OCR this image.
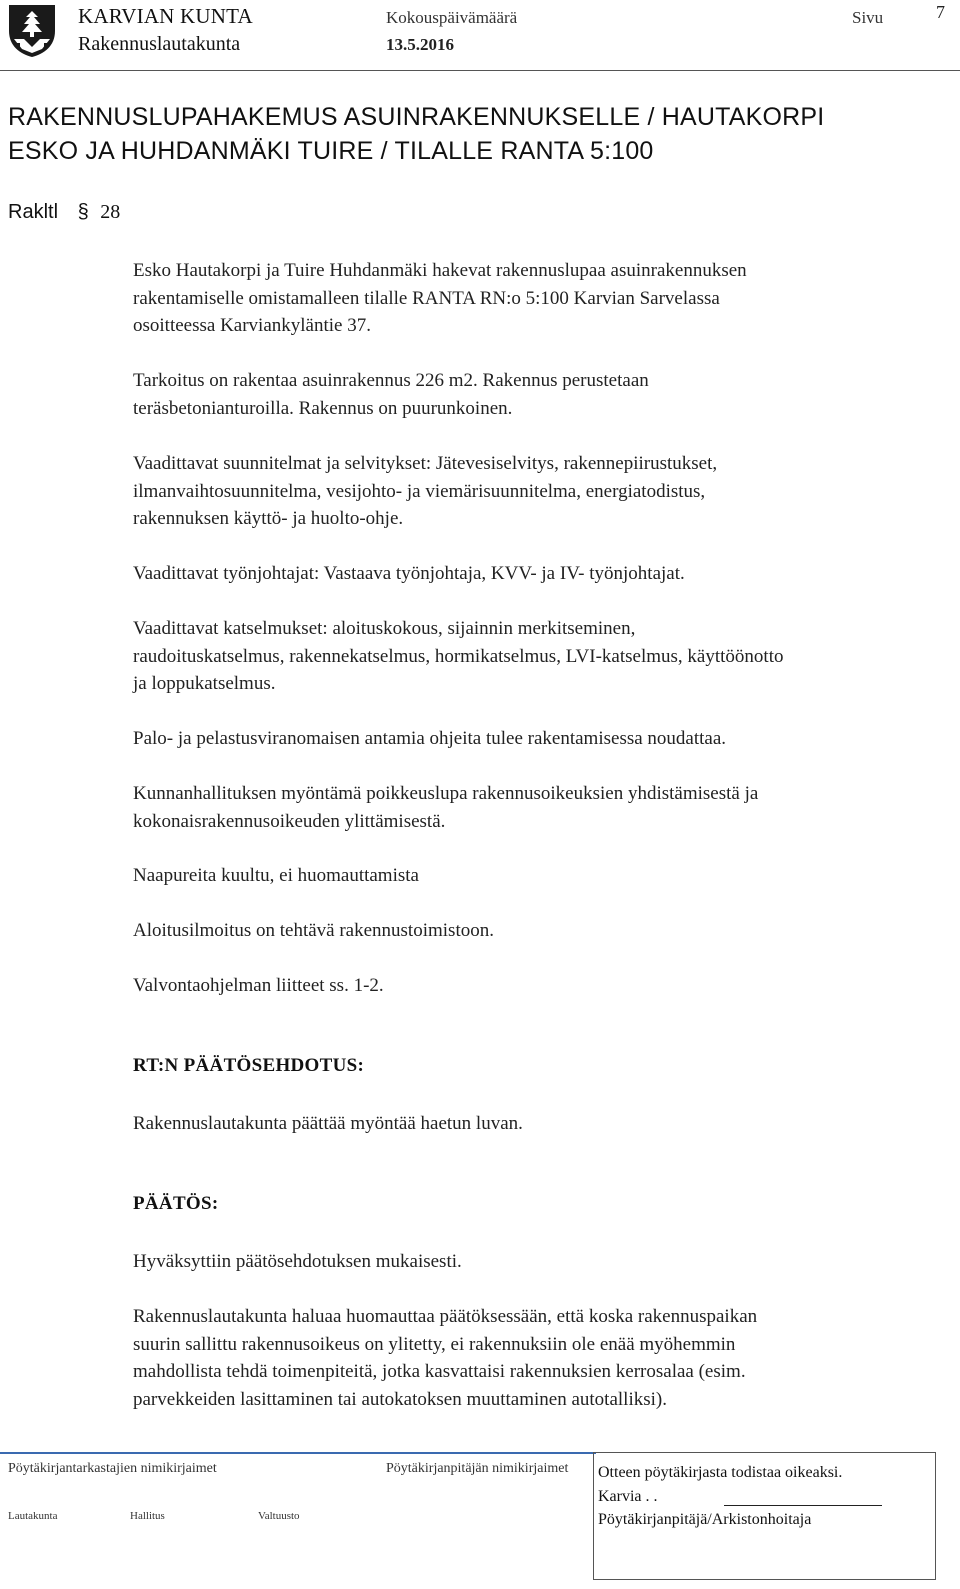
KARVIAN KUNTA
Rakennuslautakunta
Kokouspäivämäärä
13.5.2016
Sivu	7
RAKENNUSLUPAHAKEMUS ASUINRAKENNUKSELLE / HAUTAKORPI
ESKO JA HUHDANMÄKI TUIRE / TILALLE RANTA 5:100
Rakltl § 28
Esko Hautakorpi ja Tuire Huhdanmäki hakevat rakennuslupaa asuinrakennuksen
rakentamiselle omistamalleen tilalle RANTA RN:o 5:100 Karvian Sarvelassa
osoitteessa Karviankyläntie 37.
Tarkoitus on rakentaa asuinrakennus 226 m2. Rakennus perustetaan
teräsbetonianturoilla. Rakennus on puurunkoinen.
Vaadittavat suunnitelmat ja selvitykset: Jätevesiselvitys, rakennepiirustukset,
ilmanvaihtosuunnitelma, vesijohto- ja viemärisuunnitelma, energiatodistus,
rakennuksen käyttö- ja huolto-ohje.
Vaadittavat työnjohtajat: Vastaava työnjohtaja, KVV- ja IV- työnjohtajat.
Vaadittavat katselmukset: aloituskokous, sijainnin merkitseminen,
raudoituskatselmus, rakennekatselmus, hormikatselmus, LVI-katselmus, käyttöönotto
ja loppukatselmus.
Palo- ja pelastusviranomaisen antamia ohjeita tulee rakentamisessa noudattaa.
Kunnanhallituksen myöntämä poikkeuslupa rakennusoikeuksien yhdistämisestä ja
kokonaisrakennusoikeuden ylittämisestä.
Naapureita kuultu, ei huomauttamista
Aloitusilmoitus on tehtävä rakennustoimistoon.
Valvontaohjelman liitteet ss. 1-2.
RT:N PÄÄTÖSEHDOTUS:
Rakennuslautakunta päättää myöntää haetun luvan.
PÄÄTÖS:
Hyväksyttiin päätösehdotuksen mukaisesti.
Rakennuslautakunta haluaa huomauttaa päätöksessään, että koska rakennuspaikan
suurin sallittu rakennusoikeus on ylitetty, ei rakennuksiin ole enää myöhemmin
mahdollista tehdä toimenpiteitä, jotka kasvattaisi rakennuksien kerrosalaa (esim.
parvekkeiden lasittaminen tai autokatoksen muuttaminen autotalliksi).
Pöytäkirjantarkastajien nimikirjaimet	Pöytäkirjanpitäjän nimikirjaimet
Lautakunta	Hallitus	Valtuusto
Otteen pöytäkirjasta todistaa oikeaksi.
Karvia . .
Pöytäkirjanpitäjä/Arkistonhoitaja
